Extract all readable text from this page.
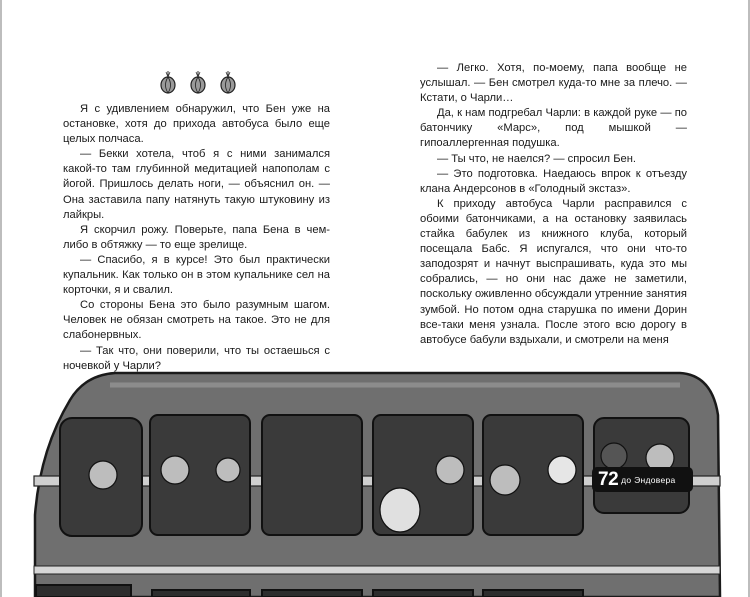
Я с удивлением обнаружил, что Бен уже на остановке, хотя до прихода автобуса было еще целых полчаса.

— Бекки хотела, чтоб я с ними занимался какой-то там глубинной медитацией напополам с йогой. Пришлось делать ноги, — объяснил он. — Она заставила папу натянуть такую штуковину из лайкры.

Я скорчил рожу. Поверьте, папа Бена в чем-либо в обтяжку — то еще зрелище.

— Спасибо, я в курсе! Это был практически купальник. Как только он в этом купальнике сел на корточки, я и свалил.

Со стороны Бена это было разумным шагом. Человек не обязан смотреть на такое. Это не для слабонервных.

— Так что, они поверили, что ты остаешься с ночевкой у Чарли?

— Легко. Хотя, по-моему, папа вообще не услышал. — Бен смотрел куда-то мне за плечо. — Кстати, о Чарли…

Да, к нам подгребал Чарли: в каждой руке — по батончику «Марс», под мышкой — гипоаллергенная подушка.

— Ты что, не наелся? — спросил Бен.

— Это подготовка. Наедаюсь впрок к отъезду клана Андерсонов в «Голодный экстаз».

К приходу автобуса Чарли расправился с обоими батончиками, а на остановку заявилась стайка бабулек из книжного клуба, который посещала Бабс. Я испугался, что они что-то заподозрят и начнут выспрашивать, куда это мы собрались, — но они нас даже не заметили, поскольку оживленно обсуждали утренние занятия зумбой. Но потом одна старушка по имени Дорин все-таки меня узнала. После этого всю дорогу в автобусе бабули вздыхали, и смотрели на меня

72 до Эндовера
